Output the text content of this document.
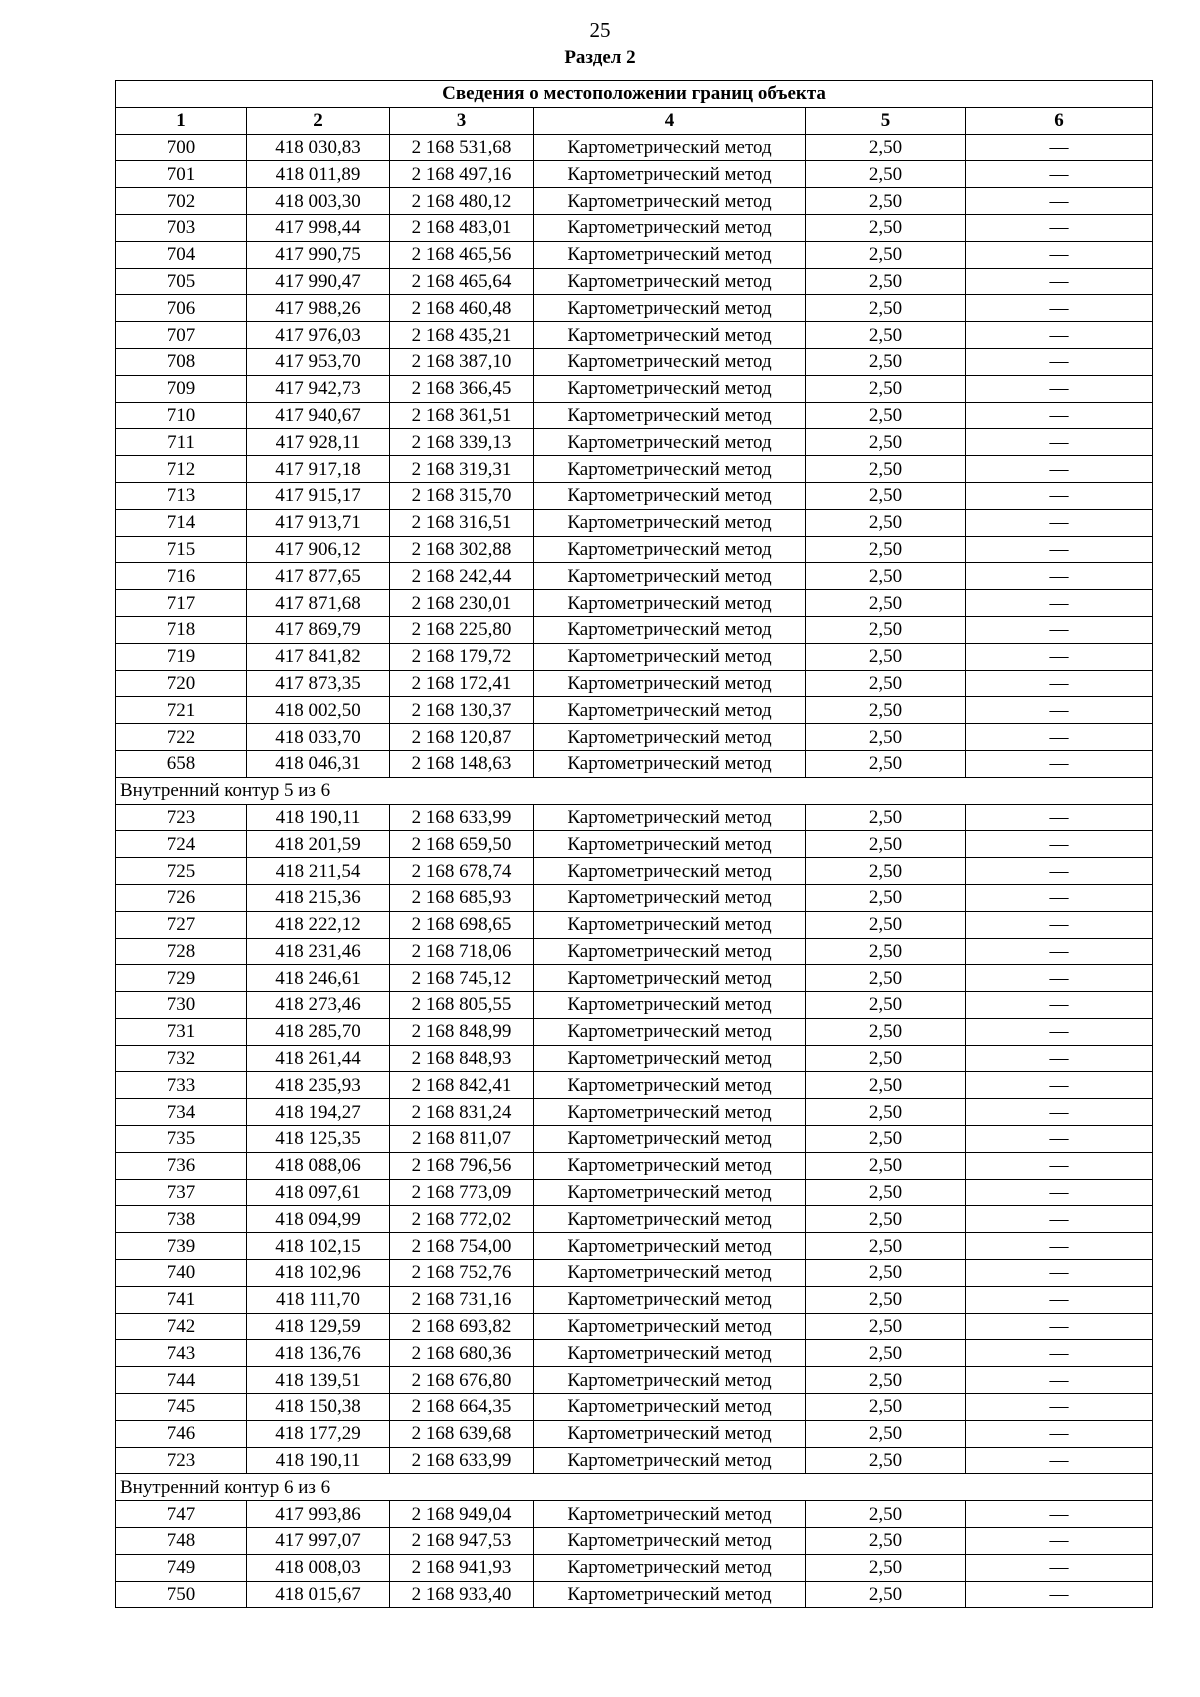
25
Раздел 2
Сведения о местоположении границ объекта					
1	2	3	4	5	6
700	418 030,83	2 168 531,68	Картометрический метод	2,50	—
701	418 011,89	2 168 497,16	Картометрический метод	2,50	—
702	418 003,30	2 168 480,12	Картометрический метод	2,50	—
703	417 998,44	2 168 483,01	Картометрический метод	2,50	—
704	417 990,75	2 168 465,56	Картометрический метод	2,50	—
705	417 990,47	2 168 465,64	Картометрический метод	2,50	—
706	417 988,26	2 168 460,48	Картометрический метод	2,50	—
707	417 976,03	2 168 435,21	Картометрический метод	2,50	—
708	417 953,70	2 168 387,10	Картометрический метод	2,50	—
709	417 942,73	2 168 366,45	Картометрический метод	2,50	—
710	417 940,67	2 168 361,51	Картометрический метод	2,50	—
711	417 928,11	2 168 339,13	Картометрический метод	2,50	—
712	417 917,18	2 168 319,31	Картометрический метод	2,50	—
713	417 915,17	2 168 315,70	Картометрический метод	2,50	—
714	417 913,71	2 168 316,51	Картометрический метод	2,50	—
715	417 906,12	2 168 302,88	Картометрический метод	2,50	—
716	417 877,65	2 168 242,44	Картометрический метод	2,50	—
717	417 871,68	2 168 230,01	Картометрический метод	2,50	—
718	417 869,79	2 168 225,80	Картометрический метод	2,50	—
719	417 841,82	2 168 179,72	Картометрический метод	2,50	—
720	417 873,35	2 168 172,41	Картометрический метод	2,50	—
721	418 002,50	2 168 130,37	Картометрический метод	2,50	—
722	418 033,70	2 168 120,87	Картометрический метод	2,50	—
658	418 046,31	2 168 148,63	Картометрический метод	2,50	—
Внутренний контур 5 из 6					
723	418 190,11	2 168 633,99	Картометрический метод	2,50	—
724	418 201,59	2 168 659,50	Картометрический метод	2,50	—
725	418 211,54	2 168 678,74	Картометрический метод	2,50	—
726	418 215,36	2 168 685,93	Картометрический метод	2,50	—
727	418 222,12	2 168 698,65	Картометрический метод	2,50	—
728	418 231,46	2 168 718,06	Картометрический метод	2,50	—
729	418 246,61	2 168 745,12	Картометрический метод	2,50	—
730	418 273,46	2 168 805,55	Картометрический метод	2,50	—
731	418 285,70	2 168 848,99	Картометрический метод	2,50	—
732	418 261,44	2 168 848,93	Картометрический метод	2,50	—
733	418 235,93	2 168 842,41	Картометрический метод	2,50	—
734	418 194,27	2 168 831,24	Картометрический метод	2,50	—
735	418 125,35	2 168 811,07	Картометрический метод	2,50	—
736	418 088,06	2 168 796,56	Картометрический метод	2,50	—
737	418 097,61	2 168 773,09	Картометрический метод	2,50	—
738	418 094,99	2 168 772,02	Картометрический метод	2,50	—
739	418 102,15	2 168 754,00	Картометрический метод	2,50	—
740	418 102,96	2 168 752,76	Картометрический метод	2,50	—
741	418 111,70	2 168 731,16	Картометрический метод	2,50	—
742	418 129,59	2 168 693,82	Картометрический метод	2,50	—
743	418 136,76	2 168 680,36	Картометрический метод	2,50	—
744	418 139,51	2 168 676,80	Картометрический метод	2,50	—
745	418 150,38	2 168 664,35	Картометрический метод	2,50	—
746	418 177,29	2 168 639,68	Картометрический метод	2,50	—
723	418 190,11	2 168 633,99	Картометрический метод	2,50	—
Внутренний контур 6 из 6					
747	417 993,86	2 168 949,04	Картометрический метод	2,50	—
748	417 997,07	2 168 947,53	Картометрический метод	2,50	—
749	418 008,03	2 168 941,93	Картометрический метод	2,50	—
750	418 015,67	2 168 933,40	Картометрический метод	2,50	—
